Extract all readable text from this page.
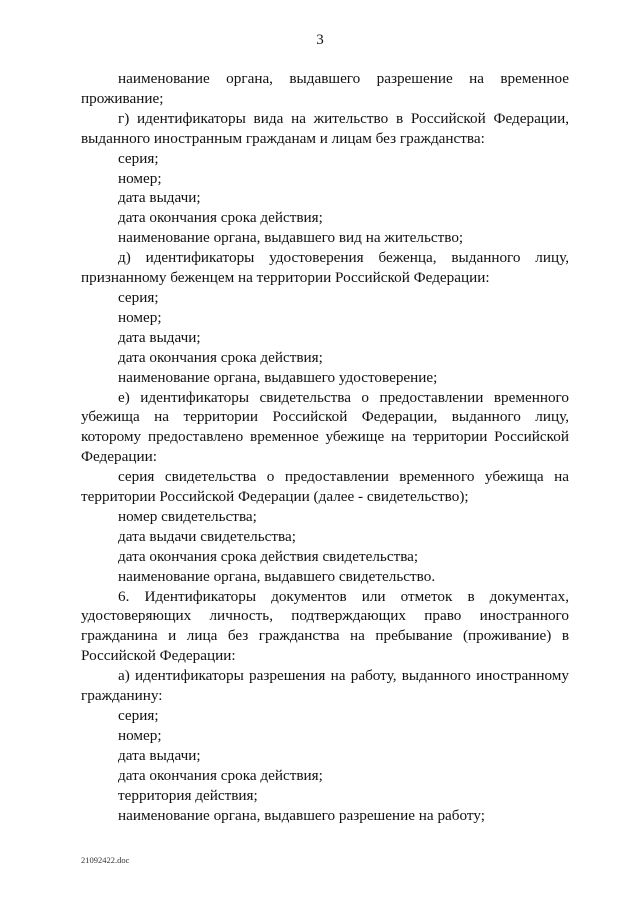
3

наименование органа, выдавшего разрешение на временное проживание;

г) идентификаторы вида на жительство в Российской Федерации, выданного иностранным гражданам и лицам без гражданства:

серия;

номер;

дата выдачи;

дата окончания срока действия;

наименование органа, выдавшего вид на жительство;

д) идентификаторы удостоверения беженца, выданного лицу, признанному беженцем на территории Российской Федерации:

серия;

номер;

дата выдачи;

дата окончания срока действия;

наименование органа, выдавшего удостоверение;

е) идентификаторы свидетельства о предоставлении временного убежища на территории Российской Федерации, выданного лицу, которому предоставлено временное убежище на территории Российской Федерации:

серия свидетельства о предоставлении временного убежища на территории Российской Федерации (далее - свидетельство);

номер свидетельства;

дата выдачи свидетельства;

дата окончания срока действия свидетельства;

наименование органа, выдавшего свидетельство.

6. Идентификаторы документов или отметок в документах, удостоверяющих личность, подтверждающих право иностранного гражданина и лица без гражданства на пребывание (проживание) в Российской Федерации:

а) идентификаторы разрешения на работу, выданного иностранному гражданину:

серия;

номер;

дата выдачи;

дата окончания срока действия;

территория действия;

наименование органа, выдавшего разрешение на работу;

21092422.doc
